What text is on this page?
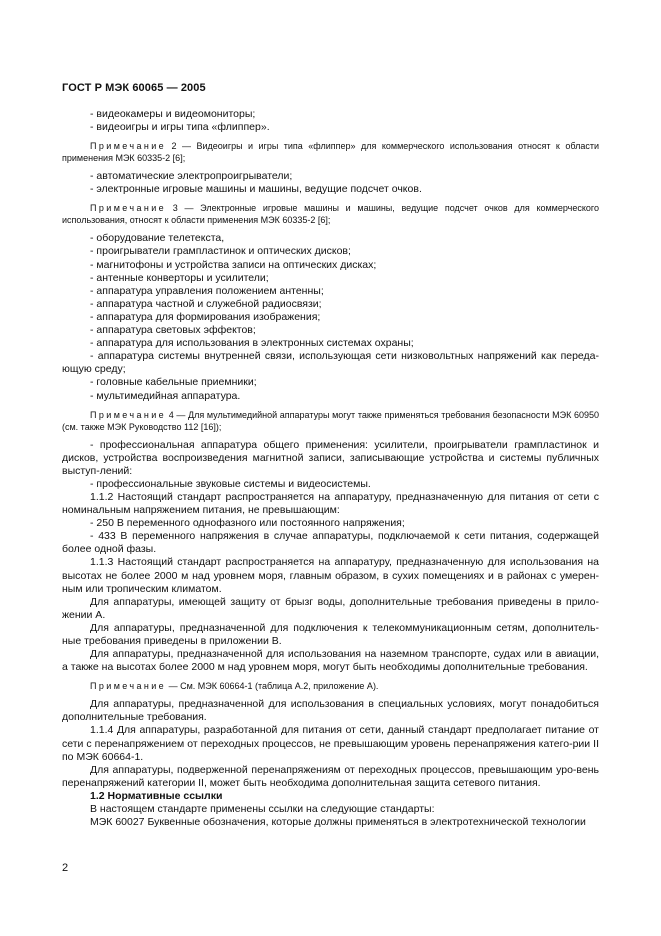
ГОСТ Р МЭК 60065 — 2005

- видеокамеры и видеомониторы;

- видеоигры и игры типа «флиппер».

Примечание 2 — Видеоигры и игры типа «флиппер» для коммерческого использования относят к области применения МЭК 60335-2 [6];

- автоматические электропроигрыватели;

- электронные игровые машины и машины, ведущие подсчет очков.

Примечание 3 — Электронные игровые машины и машины, ведущие подсчет очков для коммерческого использования, относят к области применения МЭК 60335-2 [6];

- оборудование телетекста,

- проигрыватели грампластинок и оптических дисков;

- магнитофоны и устройства записи на оптических дисках;

- антенные конверторы и усилители;

- аппаратура управления положением антенны;

- аппаратура частной и служебной радиосвязи;

- аппаратура для формирования изображения;

- аппаратура световых эффектов;

- аппаратура для использования в электронных системах охраны;

- аппаратура системы внутренней связи, использующая сети низковольтных напряжений как переда-ющую среду;

- головные кабельные приемники;

- мультимедийная аппаратура.

Примечание 4 — Для мультимедийной аппаратуры могут также применяться требования безопасности МЭК 60950 (см. также МЭК Руководство 112 [16]);

- профессиональная аппаратура общего применения: усилители, проигрыватели грампластинок и дисков, устройства воспроизведения магнитной записи, записывающие устройства и системы публичных выступ-лений:

- профессиональные звуковые системы и видеосистемы.

1.1.2 Настоящий стандарт распространяется на аппаратуру, предназначенную для питания от сети с номинальным напряжением питания, не превышающим:

- 250 В переменного однофазного или постоянного напряжения;

- 433 В переменного напряжения в случае аппаратуры, подключаемой к сети питания, содержащей более одной фазы.

1.1.3 Настоящий стандарт распространяется на аппаратуру, предназначенную для использования на высотах не более 2000 м над уровнем моря, главным образом, в сухих помещениях и в районах с умерен-ным или тропическим климатом.

Для аппаратуры, имеющей защиту от брызг воды, дополнительные требования приведены в прило-жении А.

Для аппаратуры, предназначенной для подключения к телекоммуникационным сетям, дополнитель-ные требования приведены в приложении В.

Для аппаратуры, предназначенной для использования на наземном транспорте, судах или в авиации, а также на высотах более 2000 м над уровнем моря, могут быть необходимы дополнительные требования.

Примечание — См. МЭК 60664-1 (таблица А.2, приложение А).

Для аппаратуры, предназначенной для использования в специальных условиях, могут понадобиться дополнительные требования.

1.1.4 Для аппаратуры, разработанной для питания от сети, данный стандарт предполагает питание от сети с перенапряжением от переходных процессов, не превышающим уровень перенапряжения катего-рии II по МЭК 60664-1.

Для аппаратуры, подверженной перенапряжениям от переходных процессов, превышающим уро-вень перенапряжений категории II, может быть необходима дополнительная защита сетевого питания.

1.2 Нормативные ссылки

В настоящем стандарте применены ссылки на следующие стандарты:

МЭК 60027 Буквенные обозначения, которые должны применяться в электротехнической технологии

2
